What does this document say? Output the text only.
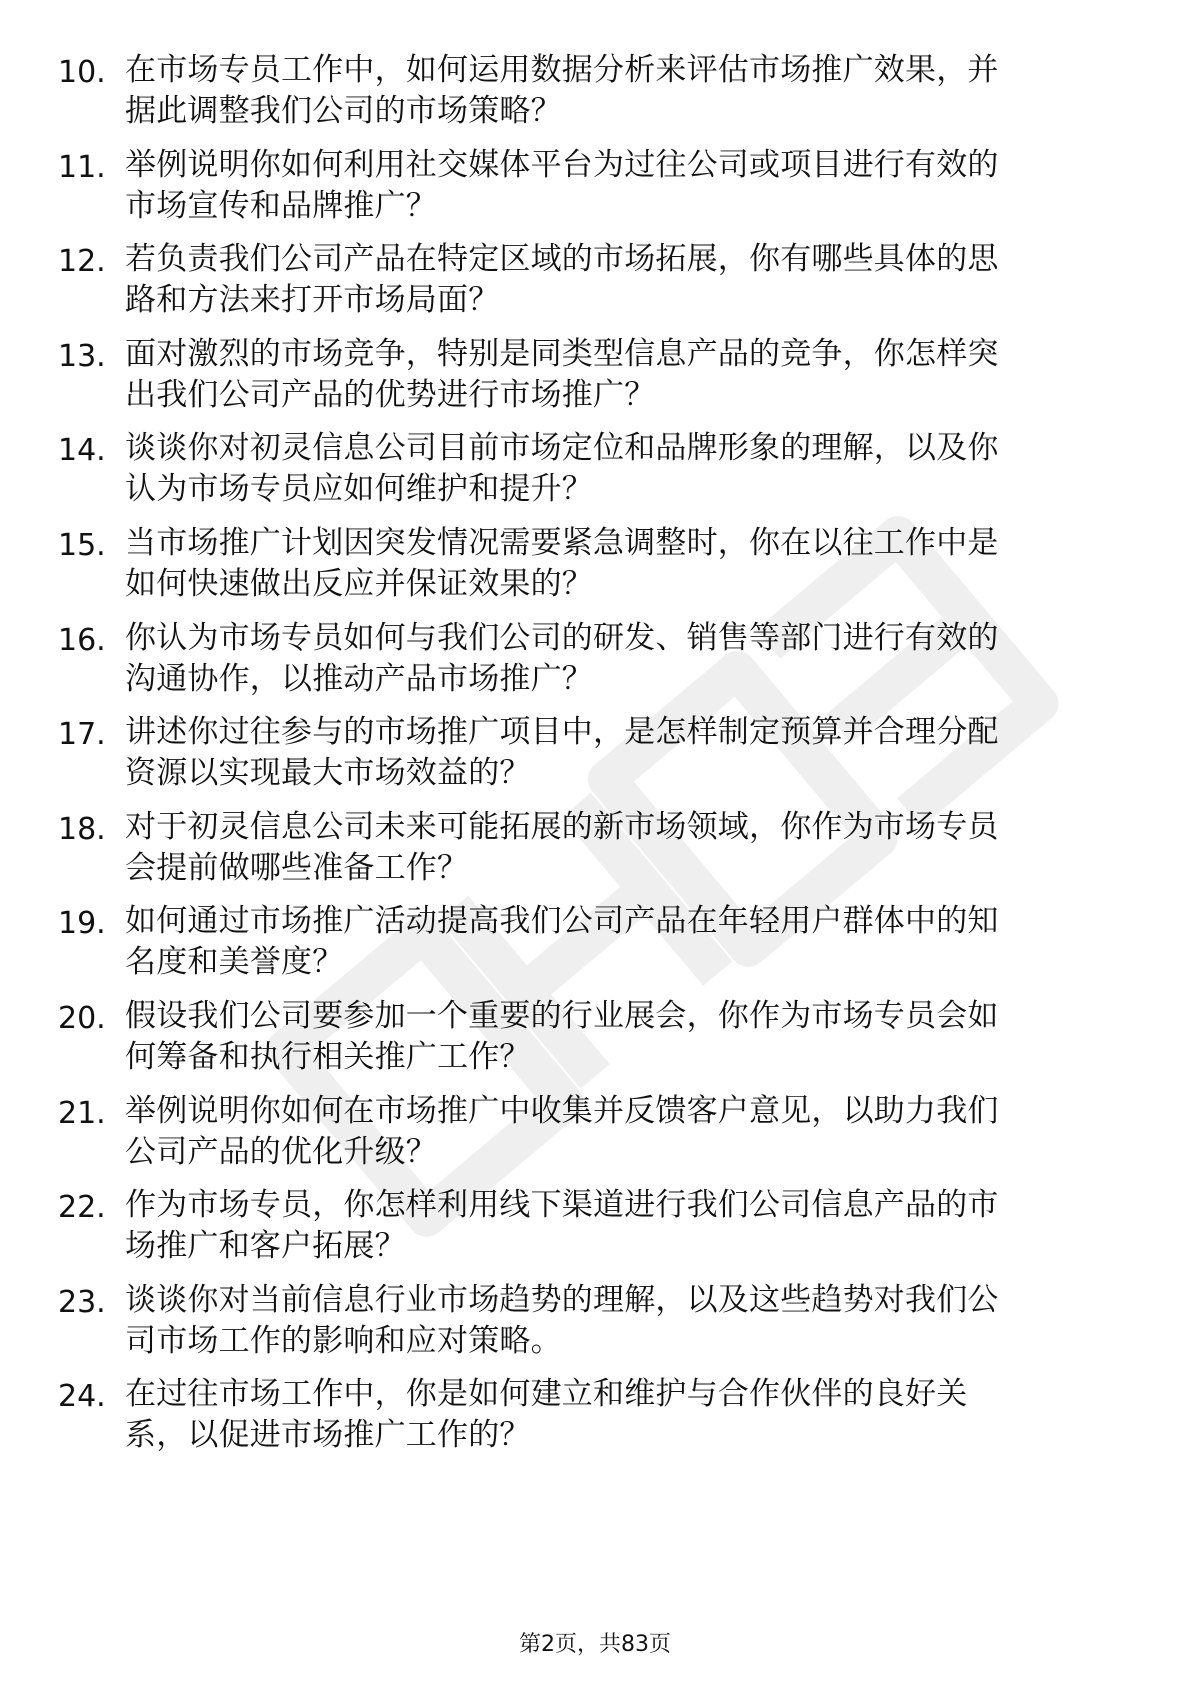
10. 在市场专员工作中，如何运用数据分析来评估市场推广效果，并
据此调整我们公司的市场策略？
11. 举例说明你如何利用社交媒体平台为过往公司或项目进行有效的
市场宣传和品牌推广？
12. 若负责我们公司产品在特定区域的市场拓展，你有哪些具体的思
路和方法来打开市场局面？
13. 面对激烈的市场竞争，特别是同类型信息产品的竞争，你怎样突
出我们公司产品的优势进行市场推广？
14. 谈谈你对初灵信息公司目前市场定位和品牌形象的理解，以及你
认为市场专员应如何维护和提升？
15. 当市场推广计划因突发情况需要紧急调整时，你在以往工作中是
如何快速做出反应并保证效果的？
16. 你认为市场专员如何与我们公司的研发、销售等部门进行有效的
沟通协作，以推动产品市场推广？
17. 讲述你过往参与的市场推广项目中，是怎样制定预算并合理分配
资源以实现最大市场效益的？
18. 对于初灵信息公司未来可能拓展的新市场领域，你作为市场专员
会提前做哪些准备工作？
19. 如何通过市场推广活动提高我们公司产品在年轻用户群体中的知
名度和美誉度？
20. 假设我们公司要参加一个重要的行业展会，你作为市场专员会如
何筹备和执行相关推广工作？
21. 举例说明你如何在市场推广中收集并反馈客户意见，以助力我们
公司产品的优化升级？
22. 作为市场专员，你怎样利用线下渠道进行我们公司信息产品的市
场推广和客户拓展？
23. 谈谈你对当前信息行业市场趋势的理解，以及这些趋势对我们公
司市场工作的影响和应对策略。
24. 在过往市场工作中，你是如何建立和维护与合作伙伴的良好关
系，以促进市场推广工作的？
第2页，共83页
